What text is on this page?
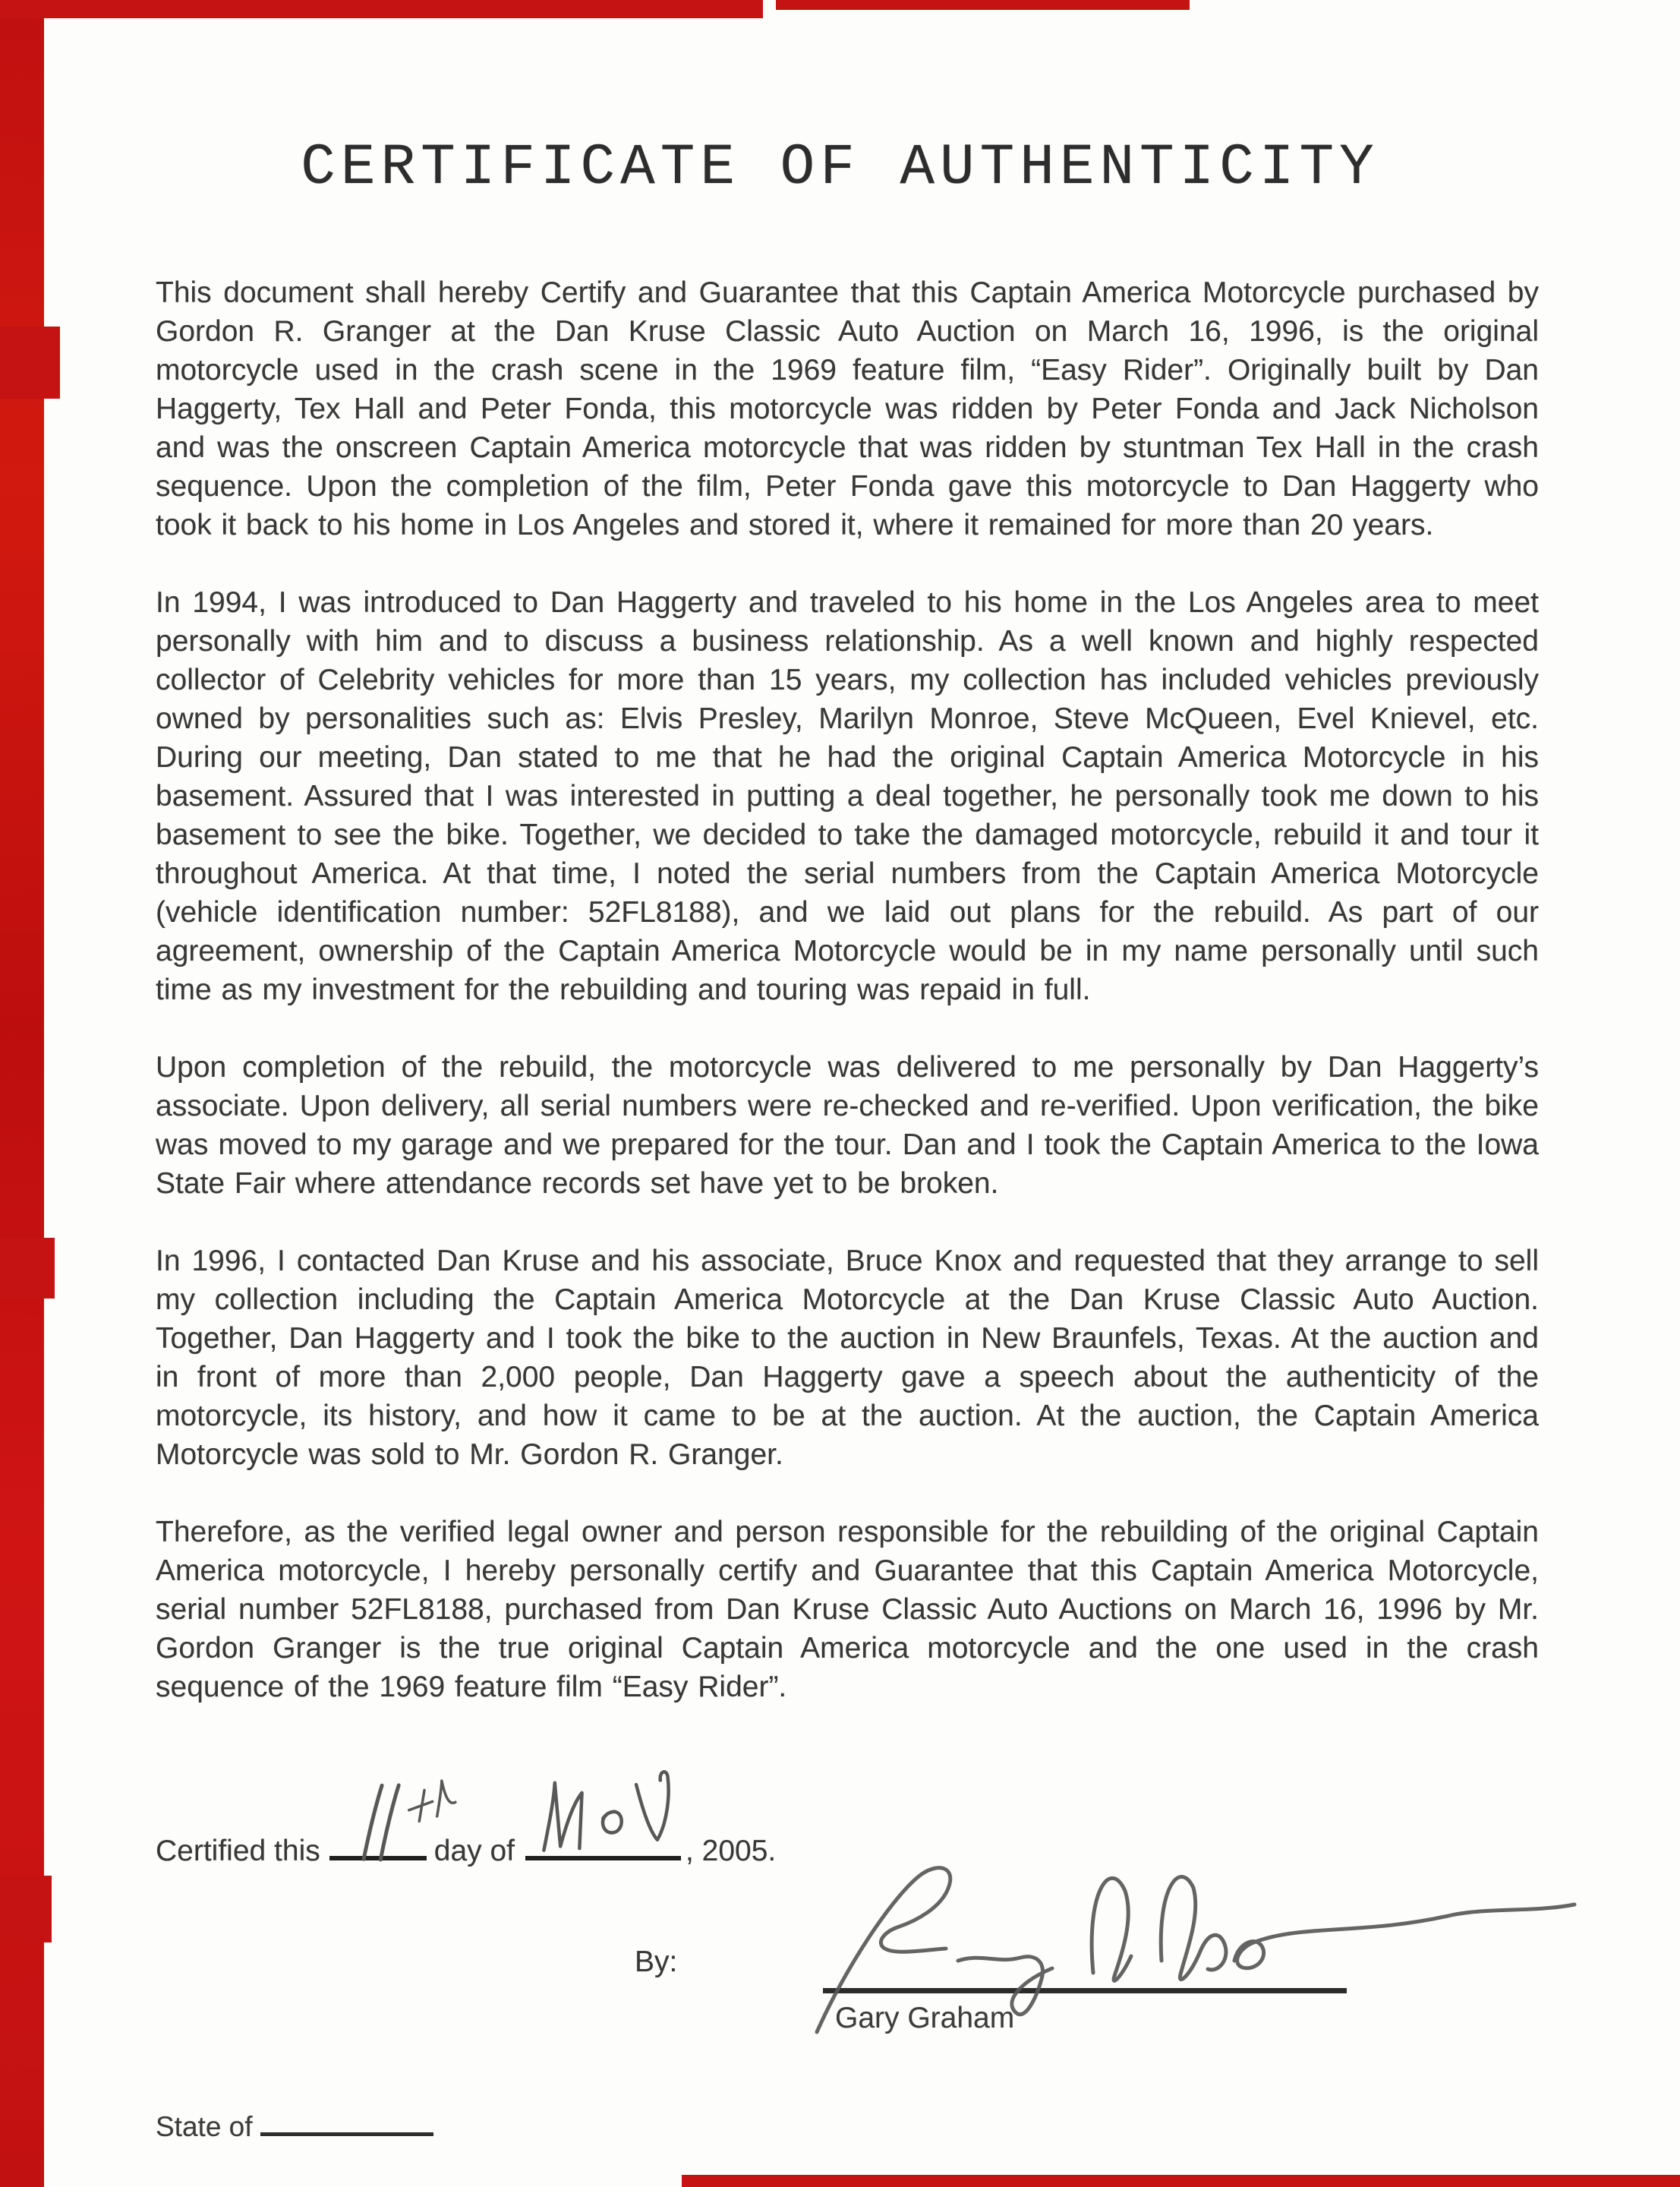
CERTIFICATE OF AUTHENTICITY

This document shall hereby Certify and Guarantee that this Captain America Motorcycle purchased by Gordon R. Granger at the Dan Kruse Classic Auto Auction on March 16, 1996, is the original motorcycle used in the crash scene in the 1969 feature film, “Easy Rider”. Originally built by Dan Haggerty, Tex Hall and Peter Fonda, this motorcycle was ridden by Peter Fonda and Jack Nicholson and was the onscreen Captain America motorcycle that was ridden by stuntman Tex Hall in the crash sequence. Upon the completion of the film, Peter Fonda gave this motorcycle to Dan Haggerty who took it back to his home in Los Angeles and stored it, where it remained for more than 20 years.

In 1994, I was introduced to Dan Haggerty and traveled to his home in the Los Angeles area to meet personally with him and to discuss a business relationship. As a well known and highly respected collector of Celebrity vehicles for more than 15 years, my collection has included vehicles previously owned by personalities such as: Elvis Presley, Marilyn Monroe, Steve McQueen, Evel Knievel, etc. During our meeting, Dan stated to me that he had the original Captain America Motorcycle in his basement. Assured that I was interested in putting a deal together, he personally took me down to his basement to see the bike. Together, we decided to take the damaged motorcycle, rebuild it and tour it throughout America. At that time, I noted the serial numbers from the Captain America Motorcycle (vehicle identification number: 52FL8188), and we laid out plans for the rebuild. As part of our agreement, ownership of the Captain America Motorcycle would be in my name personally until such time as my investment for the rebuilding and touring was repaid in full.

Upon completion of the rebuild, the motorcycle was delivered to me personally by Dan Haggerty’s associate. Upon delivery, all serial numbers were re-checked and re-verified. Upon verification, the bike was moved to my garage and we prepared for the tour. Dan and I took the Captain America to the Iowa State Fair where attendance records set have yet to be broken.

In 1996, I contacted Dan Kruse and his associate, Bruce Knox and requested that they arrange to sell my collection including the Captain America Motorcycle at the Dan Kruse Classic Auto Auction. Together, Dan Haggerty and I took the bike to the auction in New Braunfels, Texas. At the auction and in front of more than 2,000 people, Dan Haggerty gave a speech about the authenticity of the motorcycle, its history, and how it came to be at the auction. At the auction, the Captain America Motorcycle was sold to Mr. Gordon R. Granger.

Therefore, as the verified legal owner and person responsible for the rebuilding of the original Captain America motorcycle, I hereby personally certify and Guarantee that this Captain America Motorcycle, serial number 52FL8188, purchased from Dan Kruse Classic Auto Auctions on March 16, 1996 by Mr. Gordon Granger is the true original Captain America motorcycle and the one used in the crash sequence of the 1969 feature film “Easy Rider”.

Certified this	day of	, 2005.
By:
Gary Graham
State of
